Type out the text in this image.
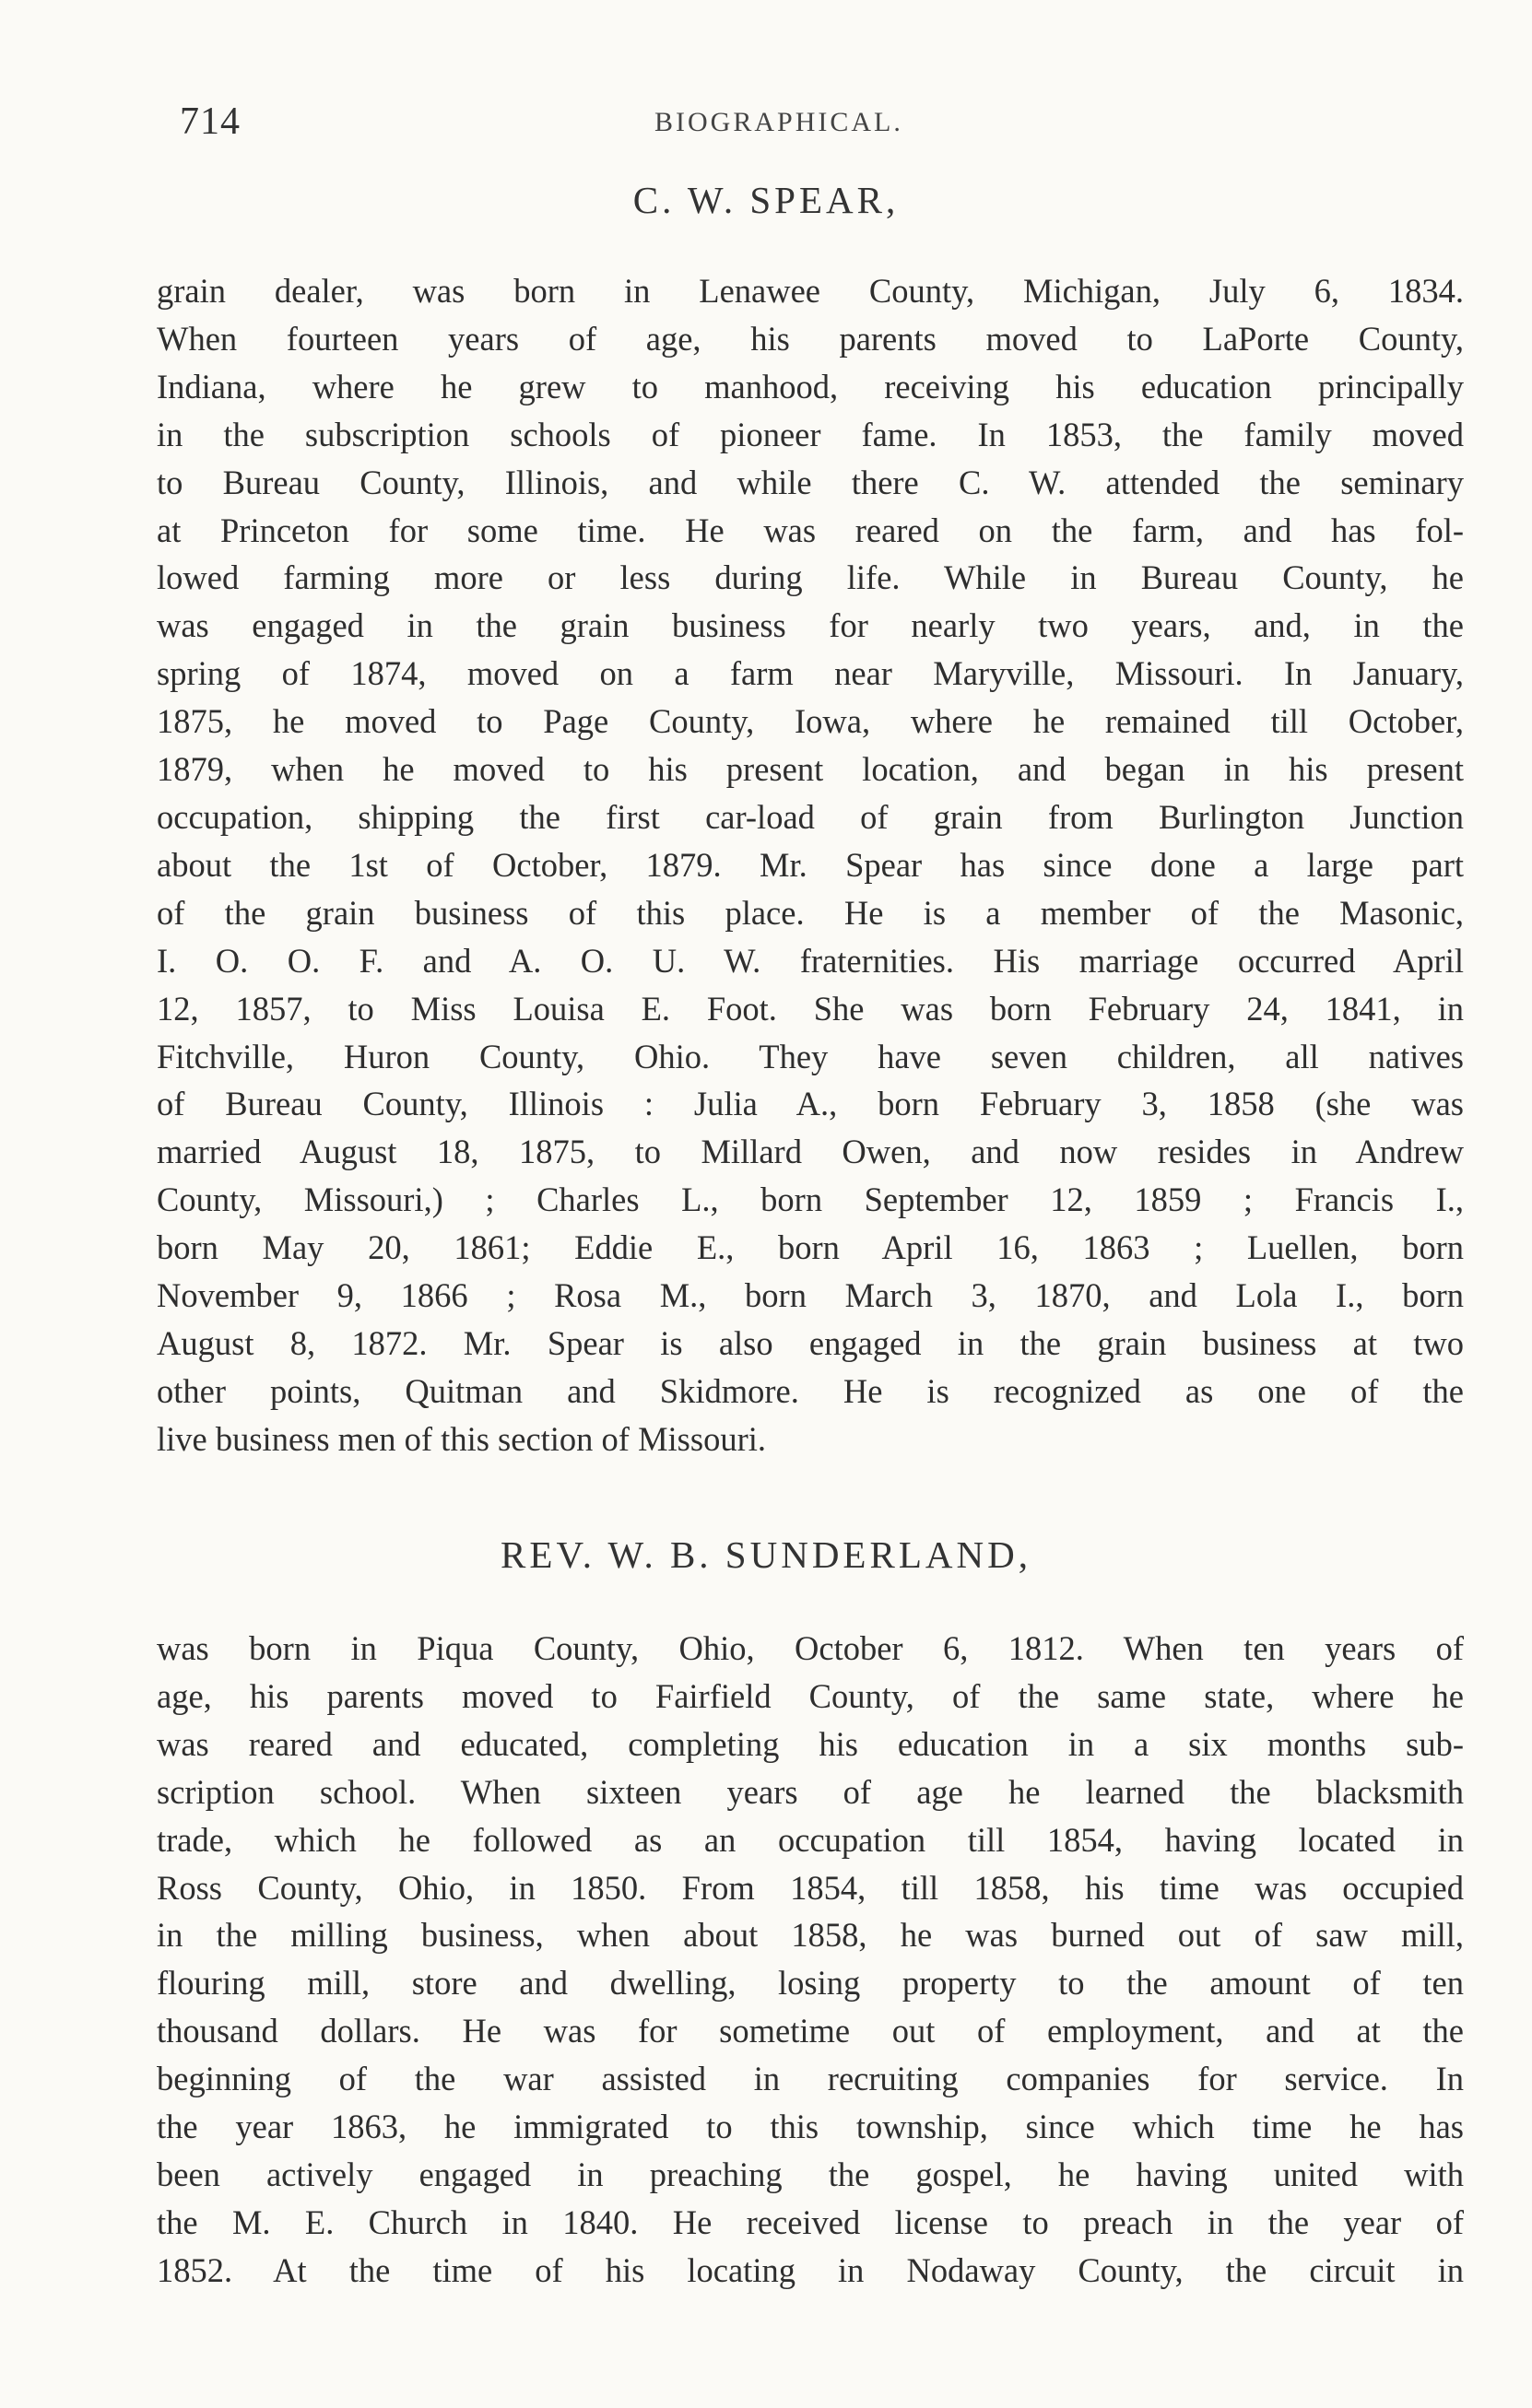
714	BIOGRAPHICAL.
C. W. SPEAR,
grain dealer, was born in Lenawee County, Michigan, July 6, 1834.
When fourteen years of age, his parents moved to LaPorte County,
Indiana, where he grew to manhood, receiving his education principally
in the subscription schools of pioneer fame. In 1853, the family moved
to Bureau County, Illinois, and while there C. W. attended the seminary
at Princeton for some time. He was reared on the farm, and has fol-
lowed farming more or less during life. While in Bureau County, he
was engaged in the grain business for nearly two years, and, in the
spring of 1874, moved on a farm near Maryville, Missouri. In January,
1875, he moved to Page County, Iowa, where he remained till October,
1879, when he moved to his present location, and began in his present
occupation, shipping the first car-load of grain from Burlington Junction
about the 1st of October, 1879. Mr. Spear has since done a large part
of the grain business of this place. He is a member of the Masonic,
I. O. O. F. and A. O. U. W. fraternities. His marriage occurred April
12, 1857, to Miss Louisa E. Foot. She was born February 24, 1841, in
Fitchville, Huron County, Ohio. They have seven children, all natives
of Bureau County, Illinois : Julia A., born February 3, 1858 (she was
married August 18, 1875, to Millard Owen, and now resides in Andrew
County, Missouri,) ; Charles L., born September 12, 1859 ; Francis I.,
born May 20, 1861; Eddie E., born April 16, 1863 ; Luellen, born
November 9, 1866 ; Rosa M., born March 3, 1870, and Lola I., born
August 8, 1872. Mr. Spear is also engaged in the grain business at two
other points, Quitman and Skidmore. He is recognized as one of the
live business men of this section of Missouri.
REV. W. B. SUNDERLAND,
was born in Piqua County, Ohio, October 6, 1812. When ten years of
age, his parents moved to Fairfield County, of the same state, where he
was reared and educated, completing his education in a six months sub-
scription school. When sixteen years of age he learned the blacksmith
trade, which he followed as an occupation till 1854, having located in
Ross County, Ohio, in 1850. From 1854, till 1858, his time was occupied
in the milling business, when about 1858, he was burned out of saw mill,
flouring mill, store and dwelling, losing property to the amount of ten
thousand dollars. He was for sometime out of employment, and at the
beginning of the war assisted in recruiting companies for service. In
the year 1863, he immigrated to this township, since which time he has
been actively engaged in preaching the gospel, he having united with
the M. E. Church in 1840. He received license to preach in the year of
1852. At the time of his locating in Nodaway County, the circuit in
